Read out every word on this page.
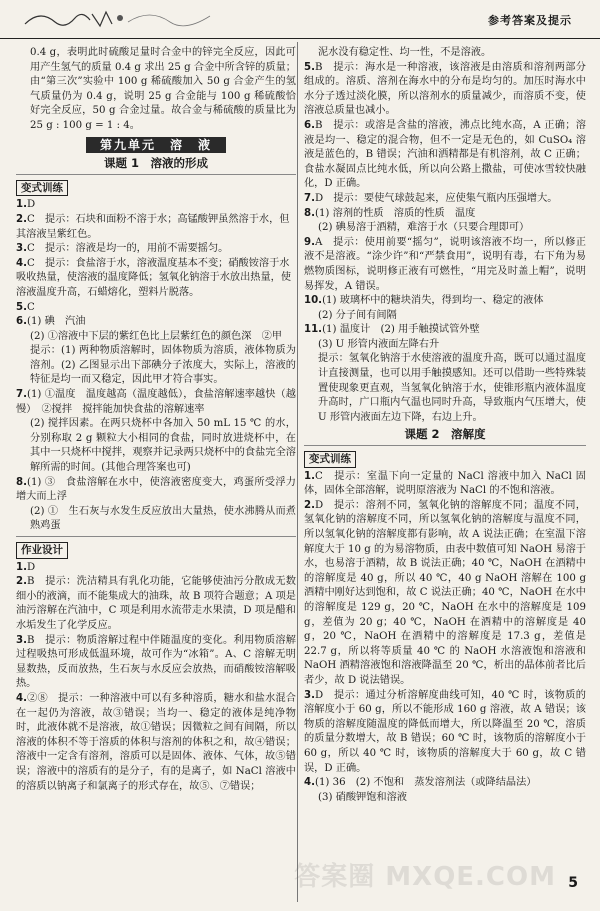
参考答案及提示

0.4 g，表明此时硫酸足量时合金中的锌完全反应，因此可用产生氢气的质量 0.4 g 求出 25 g 合金中所含锌的质量；由“第三次”实验中 100 g 稀硫酸加入 50 g 合金产生的氢气质量仍为 0.4 g，说明 25 g 合金能与 100 g 稀硫酸恰好完全反应，50 g 合金过量。故合金与稀硫酸的质量比为 25 g : 100 g = 1 : 4。

第九单元　溶　液
课题 1　溶液的形成
变式训练

1.D

2.C　提示：石块和面粉不溶于水；高锰酸钾虽然溶于水，但其溶液呈紫红色。

3.C　提示：溶液是均一的，用前不需要摇匀。

4.C　提示：食盐溶于水，溶液温度基本不变；硝酸铵溶于水吸收热量，使溶液的温度降低；氢氧化钠溶于水放出热量，使溶液温度升高，石蜡熔化，塑料片脱落。

5.C

6.(1) 碘　汽油

(2) ①溶液中下层的紫红色比上层紫红色的颜色深　②甲

提示：(1) 两种物质溶解时，固体物质为溶质，液体物质为溶剂。(2) 乙图显示出下部碘分子浓度大，实际上，溶液的特征是均一而又稳定，因此甲才符合事实。

7.(1) ①温度　温度越高（温度越低），食盐溶解速率越快（越慢）　②搅拌　搅拌能加快食盐的溶解速率

(2) 搅拌因素。在两只烧杯中各加入 50 mL 15 ℃ 的水，分别称取 2 g 颗粒大小相同的食盐，同时放进烧杯中，在其中一只烧杯中搅拌，观察并记录两只烧杯中的食盐完全溶解所需的时间。(其他合理答案也可)

8.(1) ③　食盐溶解在水中，使溶液密度变大，鸡蛋所受浮力增大而上浮

(2) ①　生石灰与水发生反应放出大量热，使水沸腾从而煮熟鸡蛋

作业设计

1.D

2.B　提示：洗洁精具有乳化功能，它能够使油污分散成无数细小的液滴，而不能集成大的油珠，故 B 项符合题意；A 项是油污溶解在汽油中，C 项是利用水流带走水果渍，D 项是醋和水垢发生了化学反应。

3.B　提示：物质溶解过程中伴随温度的变化。利用物质溶解过程吸热可形成低温环境，故可作为“冰箱”。A、C 溶解无明显数热，反而放热，生石灰与水反应会放热，而硝酸铵溶解吸热。

4.②⑧　提示：一种溶液中可以有多种溶质，糖水和盐水混合在一起仍为溶液，故③错误；当均一、稳定的液体是纯净物时，此液体就不是溶液，故①错误；因微粒之间有间隔，所以溶液的体积不等于溶质的体积与溶剂的体积之和，故④错误；溶液中一定含有溶剂，溶质可以是固体、液体、气体，故⑤错误；溶液中的溶质有的是分子，有的是离子，如 NaCl 溶液中的溶质以钠离子和氯离子的形式存在，故⑤、⑦错误；

泥水没有稳定性、均一性，不是溶液。

5.B　提示：海水是一种溶液，该溶液是由溶质和溶剂两部分组成的。溶质、溶剂在海水中的分布是均匀的。加压时海水中水分子透过淡化膜，所以溶剂水的质量减少，而溶质不变，使溶液总质量也减小。

6.B　提示：或溶是含盐的溶液，沸点比纯水高，A 正确；溶液是均一、稳定的混合物，但不一定是无色的，如 CuSO₄ 溶液是蓝色的，B 错误；汽油和洒精都是有机溶剂，故 C 正确；食盐水凝固点比纯水低，所以向公路上撒盐，可使冰雪较快融化，D 正确。

7.D　提示：要使气球鼓起来，应使集气瓶内压强增大。

8.(1) 溶剂的性质　溶质的性质　温度

(2) 碘易溶于酒精，难溶于水（只要合理即可）

9.A　提示：使用前要“摇匀”，说明该溶液不均一，所以修正液不是溶液。“涂少许”和“严禁食用”，说明有毒，右下角为易燃物质图标，说明修正液有可燃性，“用完及时盖上帽”，说明易挥发，A 错误。

10.(1) 玻璃杯中的糖块消失，得到均一、稳定的液体

(2) 分子间有间隔

11.(1) 温度计　(2) 用手触摸试管外壁

(3) U 形管内液面左降右升

提示：氢氧化钠溶于水使溶液的温度升高，既可以通过温度计直接测量，也可以用手触摸感知。还可以借助一些特殊装置使现象更直观，当氢氧化钠溶于水，使锥形瓶内液体温度升高时，广口瓶内气温也同时升高，导致瓶内气压增大，使 U 形管内液面左边下降，右边上升。

课题 2　溶解度
变式训练

1.C　提示：室温下向一定量的 NaCl 溶液中加入 NaCl 固体，固体全部溶解，说明原溶液为 NaCl 的不饱和溶液。

2.D　提示：溶剂不同，氢氧化钠的溶解度不同；温度不同，氢氧化钠的溶解度不同，所以氢氧化钠的溶解度与温度不同，所以氢氧化钠的溶解度都有影响，故 A 说法正确；在室温下溶解度大于 10 g 的为易溶物质，由表中数值可知 NaOH 易溶于水，也易溶于酒精，故 B 说法正确；40 ℃，NaOH 在酒精中的溶解度是 40 g，所以 40 ℃，40 g NaOH 溶解在 100 g 酒精中刚好达到饱和，故 C 说法正确；40 ℃，NaOH 在水中的溶解度是 129 g，20 ℃，NaOH 在水中的溶解度是 109 g，差值为 20 g；40 ℃，NaOH 在酒精中的溶解度是 40 g，20 ℃，NaOH 在酒精中的溶解度是 17.3 g，差值是 22.7 g，所以将等质量 40 ℃ 的 NaOH 水溶液饱和溶液和 NaOH 酒精溶液饱和溶液降温至 20 ℃，析出的晶体前者比后者少，故 D 说法错误。

3.D　提示：通过分析溶解度曲线可知，40 ℃ 时，该物质的溶解度小于 60 g，所以不能形成 160 g 溶液，故 A 错误；该物质的溶解度随温度的降低而增大，所以降温至 20 ℃，溶质的质量分数增大，故 B 错误；60 ℃ 时，该物质的溶解度小于 60 g，所以 40 ℃ 时，该物质的溶解度大于 60 g，故 C 错误，D 正确。

4.(1) 36　(2) 不饱和　蒸发溶剂法（或降结晶法）

(3) 硝酸钾饱和溶液

答案圈 MXQE.COM 5
